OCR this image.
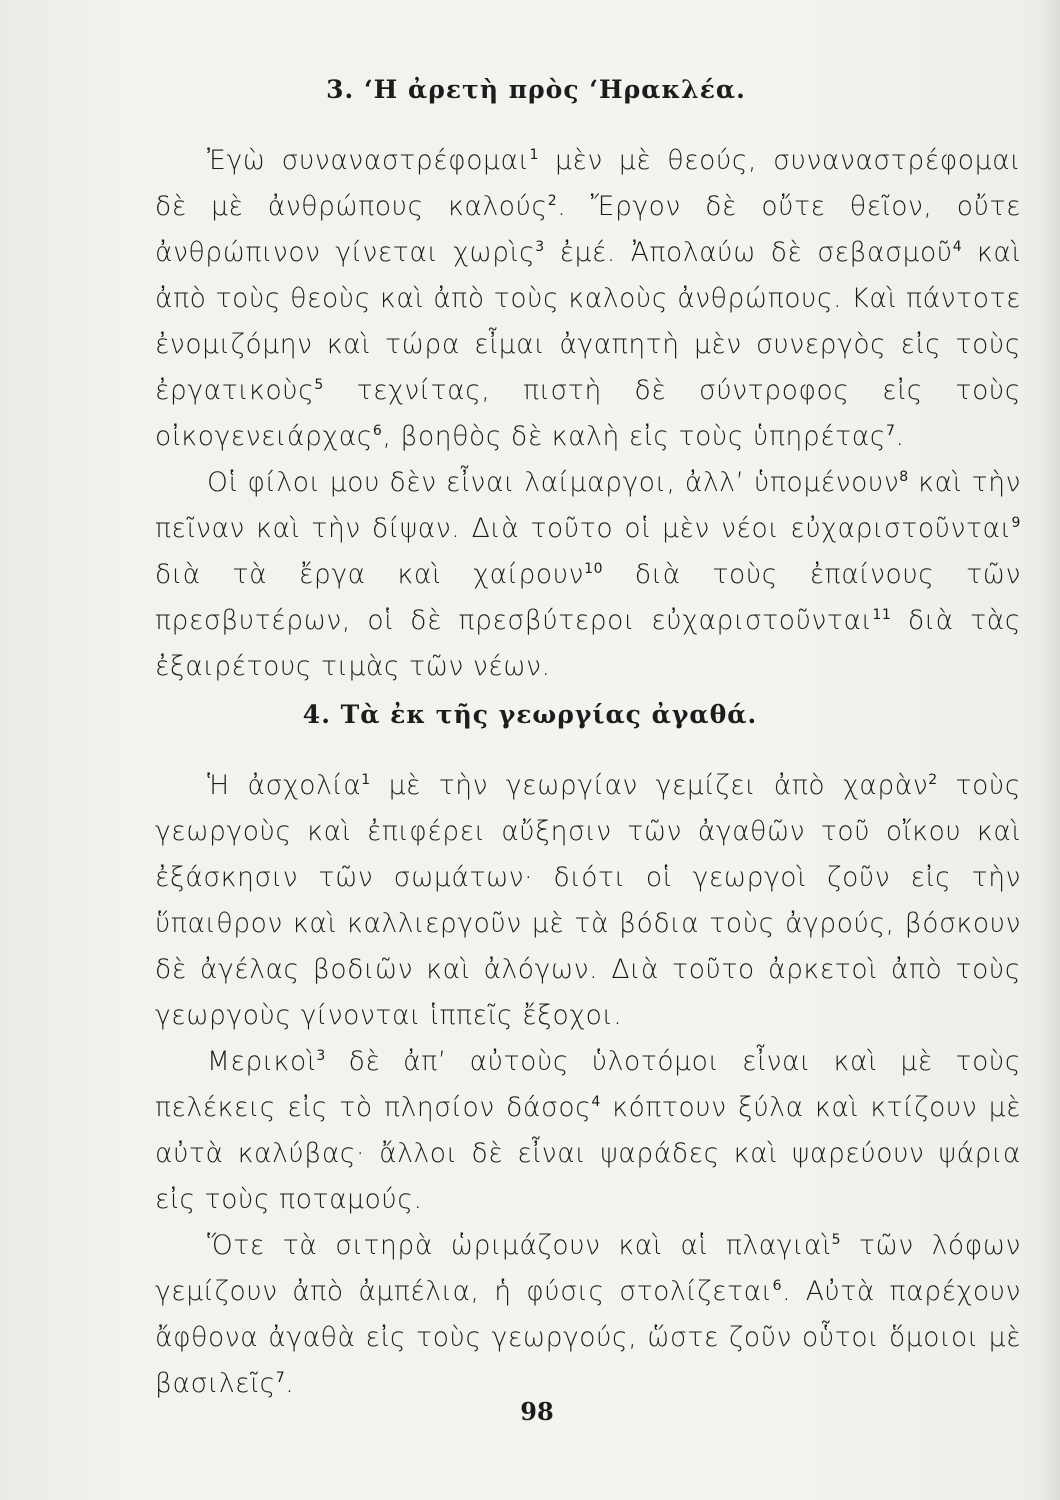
3. ‘Η ἀρετὴ πρὸς ‘Ηρακλέα.

Ἐγὼ συναναστρέφομαι$^1$ μὲν μὲ θεούς, συναναστρέφομαι δὲ μὲ ἀνθρώπους καλούς$^2$. Ἔργον δὲ οὔτε θεῖον, οὔτε ἀνθρώπινον γίνεται χωρὶς$^3$ ἐμέ. Ἀπολαύω δὲ σεβασμοῦ$^4$ καὶ ἀπὸ τοὺς θεοὺς καὶ ἀπὸ τοὺς καλοὺς ἀνθρώπους. Καὶ πάντοτε ἐνομιζόμην καὶ τώρα εἶμαι ἀγαπητὴ μὲν συνεργὸς εἰς τοὺς ἐργατικοὺς$^5$ τεχνίτας, πιστὴ δὲ σύντροφος εἰς τοὺς οἰκογενειάρχας$^6$, βοηθὸς δὲ καλὴ εἰς τοὺς ὑπηρέτας$^7$.

Οἱ φίλοι μου δὲν εἶναι λαίμαργοι, ἀλλ’ ὑπομένουν$^8$ καὶ τὴν πεῖναν καὶ τὴν δίψαν. Διὰ τοῦτο οἱ μὲν νέοι εὐχαριστοῦνται$^9$ διὰ τὰ ἔργα καὶ χαίρουν$^{10}$ διὰ τοὺς ἐπαίνους τῶν πρεσβυτέρων, οἱ δὲ πρεσβύτεροι εὐχαριστοῦνται$^{11}$ διὰ τὰς ἐξαιρέτους τιμὰς τῶν νέων.

4. Τὰ ἐκ τῆς γεωργίας ἀγαθά.

Ἡ ἀσχολία$^1$ μὲ τὴν γεωργίαν γεμίζει ἀπὸ χαρὰν$^2$ τοὺς γεωργοὺς καὶ ἐπιφέρει αὔξησιν τῶν ἀγαθῶν τοῦ οἴκου καὶ ἐξάσκησιν τῶν σωμάτων· διότι οἱ γεωργοὶ ζοῦν εἰς τὴν ὕπαιθρον καὶ καλλιεργοῦν μὲ τὰ βόδια τοὺς ἀγρούς, βόσκουν δὲ ἀγέλας βοδιῶν καὶ ἀλόγων. Διὰ τοῦτο ἀρκετοὶ ἀπὸ τοὺς γεωργοὺς γίνονται ἱππεῖς ἔξοχοι.

Μερικοὶ$^3$ δὲ ἀπ’ αὐτοὺς ὑλοτόμοι εἶναι καὶ μὲ τοὺς πελέκεις εἰς τὸ πλησίον δάσος$^4$ κόπτουν ξύλα καὶ κτίζουν μὲ αὐτὰ καλύβας· ἄλλοι δὲ εἶναι ψαράδες καὶ ψαρεύουν ψάρια εἰς τοὺς ποταμούς.

Ὅτε τὰ σιτηρὰ ὡριμάζουν καὶ αἱ πλαγιαὶ$^5$ τῶν λόφων γεμίζουν ἀπὸ ἀμπέλια, ἡ φύσις στολίζεται$^6$. Αὐτὰ παρέχουν ἄφθονα ἀγαθὰ εἰς τοὺς γεωργούς, ὥστε ζοῦν οὗτοι ὅμοιοι μὲ βασιλεῖς$^7$.

98
